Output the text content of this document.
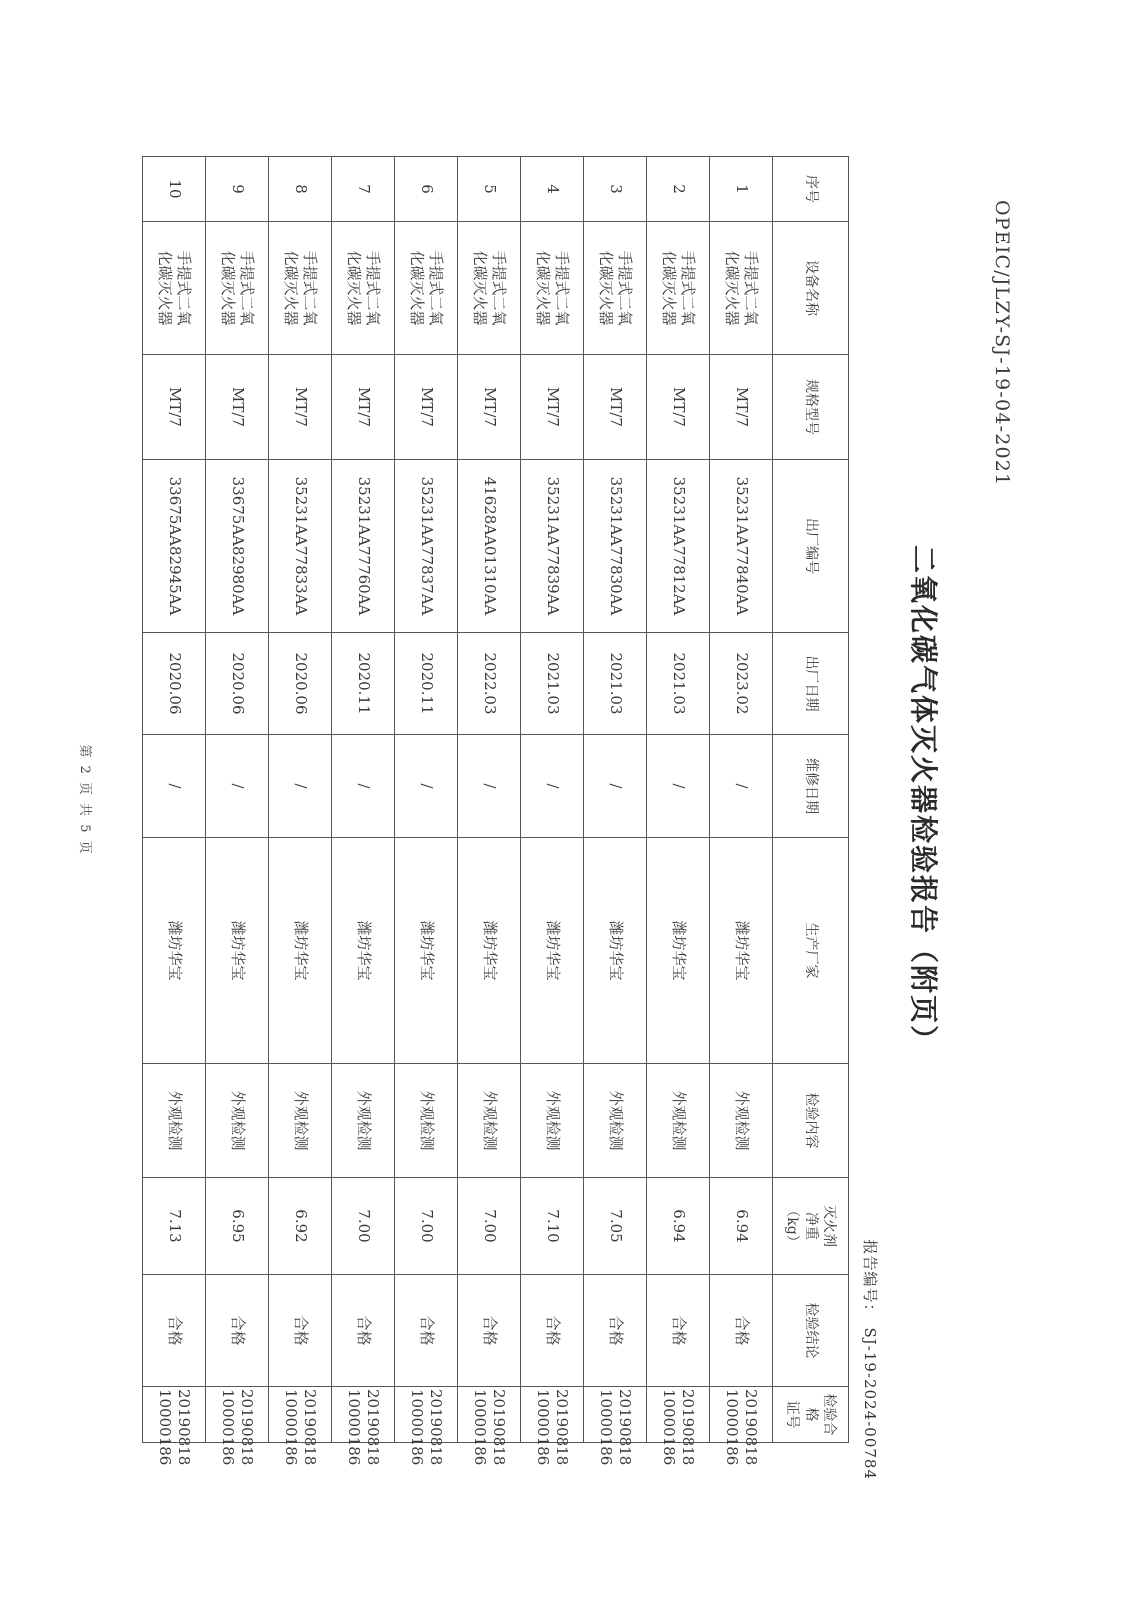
OPEIC/JLZY-SJ-19-04-2021
二氧化碳气体灭火器检验报告（附页）
报告编号：SJ-19-2024-00784
序号	设备名称	规格型号	出厂编号	出厂日期	维修日期	生产厂家	检验内容	灭火剂
净重
（kg）	检验结论	检验合格
证号

1	手提式二氧
化碳灭火器	MT/7	35231AA77840AA	2023.02	/	潍坊华宝	外观检测	6.94	合格	20190818
10000186

2	手提式二氧
化碳灭火器	MT/7	35231AA77812AA	2021.03	/	潍坊华宝	外观检测	6.94	合格	20190818
10000186

3	手提式二氧
化碳灭火器	MT/7	35231AA77830AA	2021.03	/	潍坊华宝	外观检测	7.05	合格	20190818
10000186

4	手提式二氧
化碳灭火器	MT/7	35231AA77839AA	2021.03	/	潍坊华宝	外观检测	7.10	合格	20190818
10000186

5	手提式二氧
化碳灭火器	MT/7	41628AA01310AA	2022.03	/	潍坊华宝	外观检测	7.00	合格	20190818
10000186

6	手提式二氧
化碳灭火器	MT/7	35231AA77837AA	2020.11	/	潍坊华宝	外观检测	7.00	合格	20190818
10000186

7	手提式二氧
化碳灭火器	MT/7	35231AA77760AA	2020.11	/	潍坊华宝	外观检测	7.00	合格	20190818
10000186

8	手提式二氧
化碳灭火器	MT/7	35231AA77833AA	2020.06	/	潍坊华宝	外观检测	6.92	合格	20190818
10000186

9	手提式二氧
化碳灭火器	MT/7	33675AA82980AA	2020.06	/	潍坊华宝	外观检测	6.95	合格	20190818
10000186

10	手提式二氧
化碳灭火器	MT/7	33675AA82945AA	2020.06	/	潍坊华宝	外观检测	7.13	合格	20190818
10000186
第 2 页 共 5 页
